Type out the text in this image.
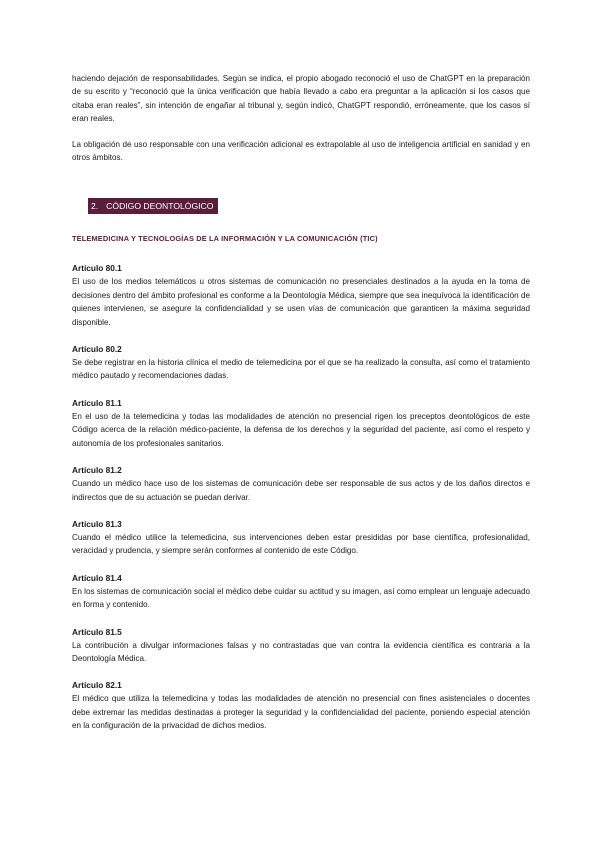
haciendo dejación de responsabilidades. Según se indica, el propio abogado reconoció el uso de ChatGPT en la preparación de su escrito y “reconoció que la única verificación que había llevado a cabo era preguntar a la aplicación si los casos que citaba eran reales”, sin intención de engañar al tribunal y, según indicó, ChatGPT respondió, erróneamente, que los casos sí eran reales.

La obligación de uso responsable con una verificación adicional es extrapolable al uso de inteligencia artificial en sanidad y en otros ámbitos.

2. CÓDIGO DEONTOLÓGICO
TELEMEDICINA Y TECNOLOGÍAS DE LA INFORMACIÓN Y LA COMUNICACIÓN (TIC)

Artículo 80.1

El uso de los medios telemáticos u otros sistemas de comunicación no presenciales destinados a la ayuda en la toma de decisiones dentro del ámbito profesional es conforme a la Deontología Médica, siempre que sea inequívoca la identificación de quienes intervienen, se asegure la confidencialidad y se usen vías de comunicación que garanticen la máxima seguridad disponible.

Artículo 80.2

Se debe registrar en la historia clínica el medio de telemedicina por el que se ha realizado la consulta, así como el tratamiento médico pautado y recomendaciones dadas.

Artículo 81.1

En el uso de la telemedicina y todas las modalidades de atención no presencial rigen los preceptos deontológicos de este Código acerca de la relación médico-paciente, la defensa de los derechos y la seguridad del paciente, así como el respeto y autonomía de los profesionales sanitarios.

Artículo 81.2

Cuando un médico hace uso de los sistemas de comunicación debe ser responsable de sus actos y de los daños directos e indirectos que de su actuación se puedan derivar.

Artículo 81.3

Cuando el médico utilice la telemedicina, sus intervenciones deben estar presididas por base científica, profesionalidad, veracidad y prudencia, y siempre serán conformes al contenido de este Código.

Artículo 81.4

En los sistemas de comunicación social el médico debe cuidar su actitud y su imagen, así como emplear un lenguaje adecuado en forma y contenido.

Artículo 81.5

La contribución a divulgar informaciones falsas y no contrastadas que van contra la evidencia científica es contraria a la Deontología Médica.

Artículo 82.1

El médico que utiliza la telemedicina y todas las modalidades de atención no presencial con fines asistenciales o docentes debe extremar las medidas destinadas a proteger la seguridad y la confidencialidad del paciente, poniendo especial atención en la configuración de la privacidad de dichos medios.
